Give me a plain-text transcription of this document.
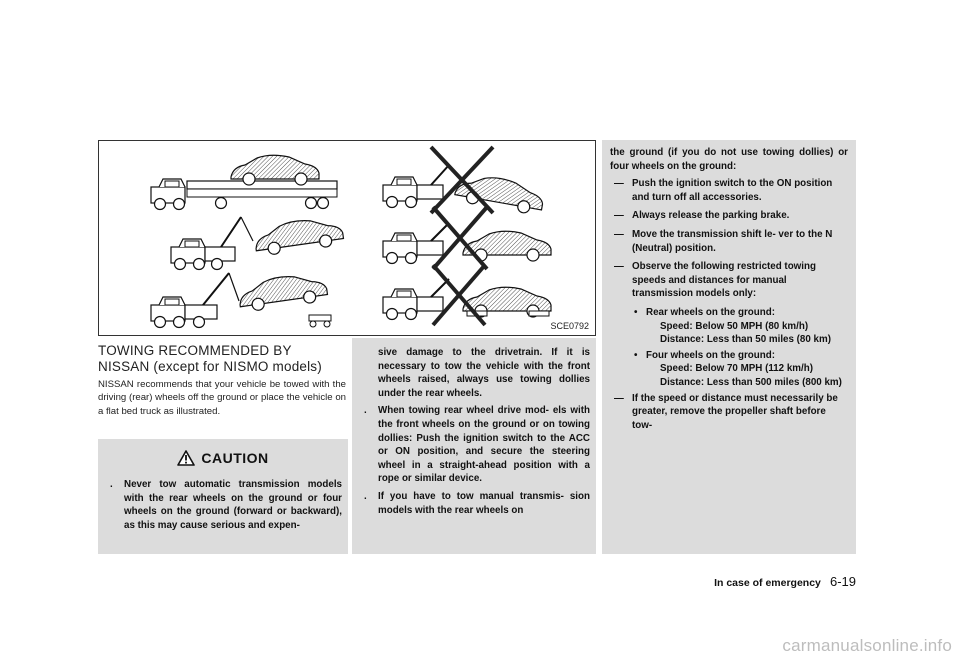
SCE0792
TOWING RECOMMENDED BY
NISSAN (except for NISMO models)
NISSAN recommends that your vehicle be towed with the driving (rear) wheels off the ground or place the vehicle on a flat bed truck as illustrated.
CAUTION
. Never tow automatic transmission models with the rear wheels on the ground or four wheels on the ground (forward or backward), as this may cause serious and expen-
sive damage to the drivetrain. If it is necessary to tow the vehicle with the front wheels raised, always use towing dollies under the rear wheels.
. When towing rear wheel drive mod- els with the front wheels on the ground or on towing dollies: Push the ignition switch to the ACC or ON position, and secure the steering wheel in a straight-ahead position with a rope or similar device.
. If you have to tow manual transmis- sion models with the rear wheels on
the ground (if you do not use towing dollies) or four wheels on the ground:
— Push the ignition switch to the ON position and turn off all accessories.
— Always release the parking brake.
— Move the transmission shift le- ver to the N (Neutral) position.
— Observe the following restricted towing speeds and distances for manual transmission models only:
• Rear wheels on the ground:
Speed: Below 50 MPH (80 km/h)
Distance: Less than 50 miles (80 km)
• Four wheels on the ground:
Speed: Below 70 MPH (112 km/h)
Distance: Less than 500 miles (800 km)
— If the speed or distance must necessarily be greater, remove the propeller shaft before tow-
In case of emergency 6-19
carmanualsonline.info
